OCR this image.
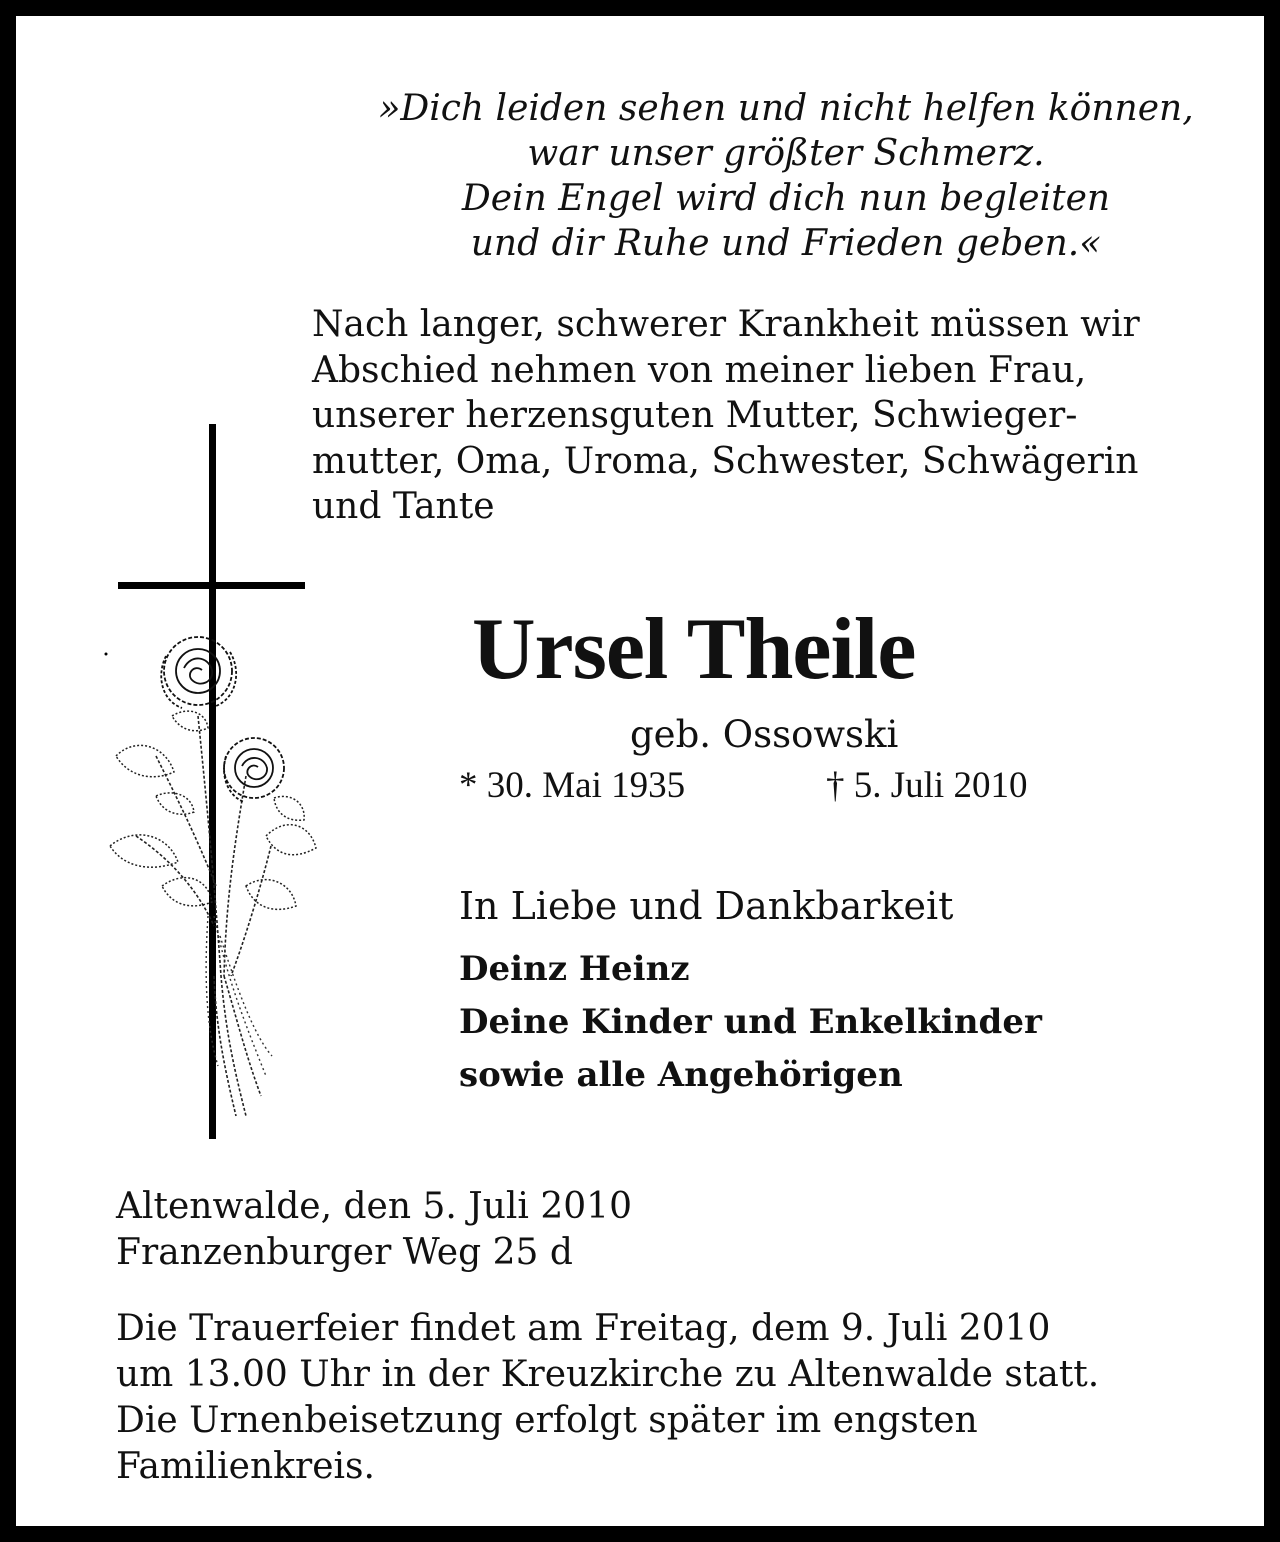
»Dich leiden sehen und nicht helfen können,
war unser größter Schmerz.
Dein Engel wird dich nun begleiten
und dir Ruhe und Frieden geben.«
Nach langer, schwerer Krankheit müssen wir
Abschied nehmen von meiner lieben Frau,
unserer herzensguten Mutter, Schwieger-
mutter, Oma, Uroma, Schwester, Schwägerin
und Tante
Ursel Theile
geb. Ossowski
* 30. Mai 1935	† 5. Juli 2010
In Liebe und Dankbarkeit
Deinz Heinz
Deine Kinder und Enkelkinder
sowie alle Angehörigen
Altenwalde, den 5. Juli 2010
Franzenburger Weg 25 d
Die Trauerfeier findet am Freitag, dem 9. Juli 2010
um 13.00 Uhr in der Kreuzkirche zu Altenwalde statt.
Die Urnenbeisetzung erfolgt später im engsten
Familienkreis.
